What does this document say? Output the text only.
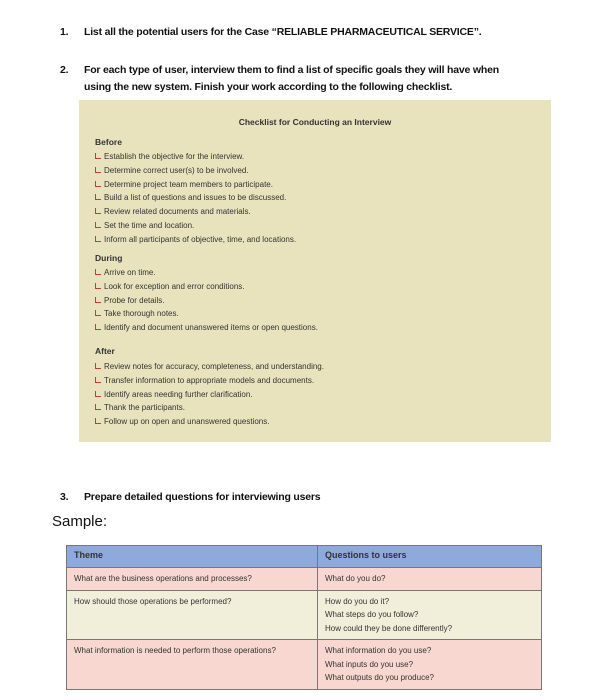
1. List all the potential users for the Case “RELIABLE PHARMACEUTICAL SERVICE”.
2. For each type of user, interview them to find a list of specific goals they will have when
using the new system. Finish your work according to the following checklist.
Checklist for Conducting an Interview
Before
Establish the objective for the interview.
Determine correct user(s) to be involved.
Determine project team members to participate.
Build a list of questions and issues to be discussed.
Review related documents and materials.
Set the time and location.
Inform all participants of objective, time, and locations.
During
Arrive on time.
Look for exception and error conditions.
Probe for details.
Take thorough notes.
Identify and document unanswered items or open questions.
After
Review notes for accuracy, completeness, and understanding.
Transfer information to appropriate models and documents.
Identify areas needing further clarification.
Thank the participants.
Follow up on open and unanswered questions.
3. Prepare detailed questions for interviewing users
Sample:
Theme	Questions to users

What are the business operations and processes?	What do you do?

How should those operations be performed?	How do you do it?
What steps do you follow?
How could they be done differently?

What information is needed to perform those operations?	What information do you use?
What inputs do you use?
What outputs do you produce?
